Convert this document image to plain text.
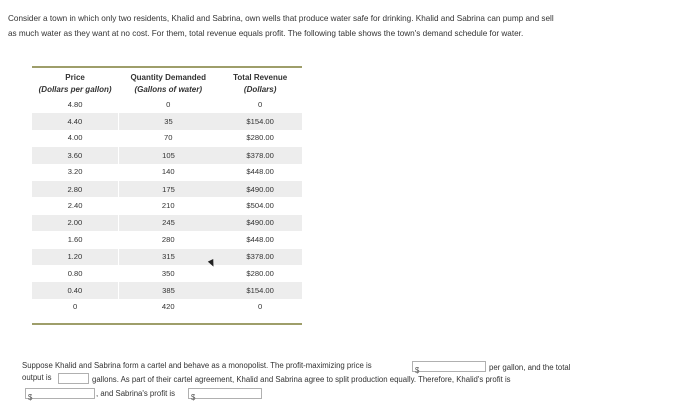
Consider a town in which only two residents, Khalid and Sabrina, own wells that produce water safe for drinking. Khalid and Sabrina can pump and sell
as much water as they want at no cost. For them, total revenue equals profit. The following table shows the town's demand schedule for water.
Price	Quantity Demanded	Total Revenue
(Dollars per gallon)	(Gallons of water)	(Dollars)
4.80	0	0
4.40	35	$154.00
4.00	70	$280.00
3.60	105	$378.00
3.20	140	$448.00
2.80	175	$490.00
2.40	210	$504.00
2.00	245	$490.00
1.60	280	$448.00
1.20	315	$378.00
0.80	350	$280.00
0.40	385	$154.00
0	420	0
Suppose Khalid and Sabrina form a cartel and behave as a monopolist. The profit-maximizing price is
$	per gallon, and the total
output is	gallons. As part of their cartel agreement, Khalid and Sabrina agree to split production equally. Therefore, Khalid's profit is
$	, and Sabrina's profit is $
